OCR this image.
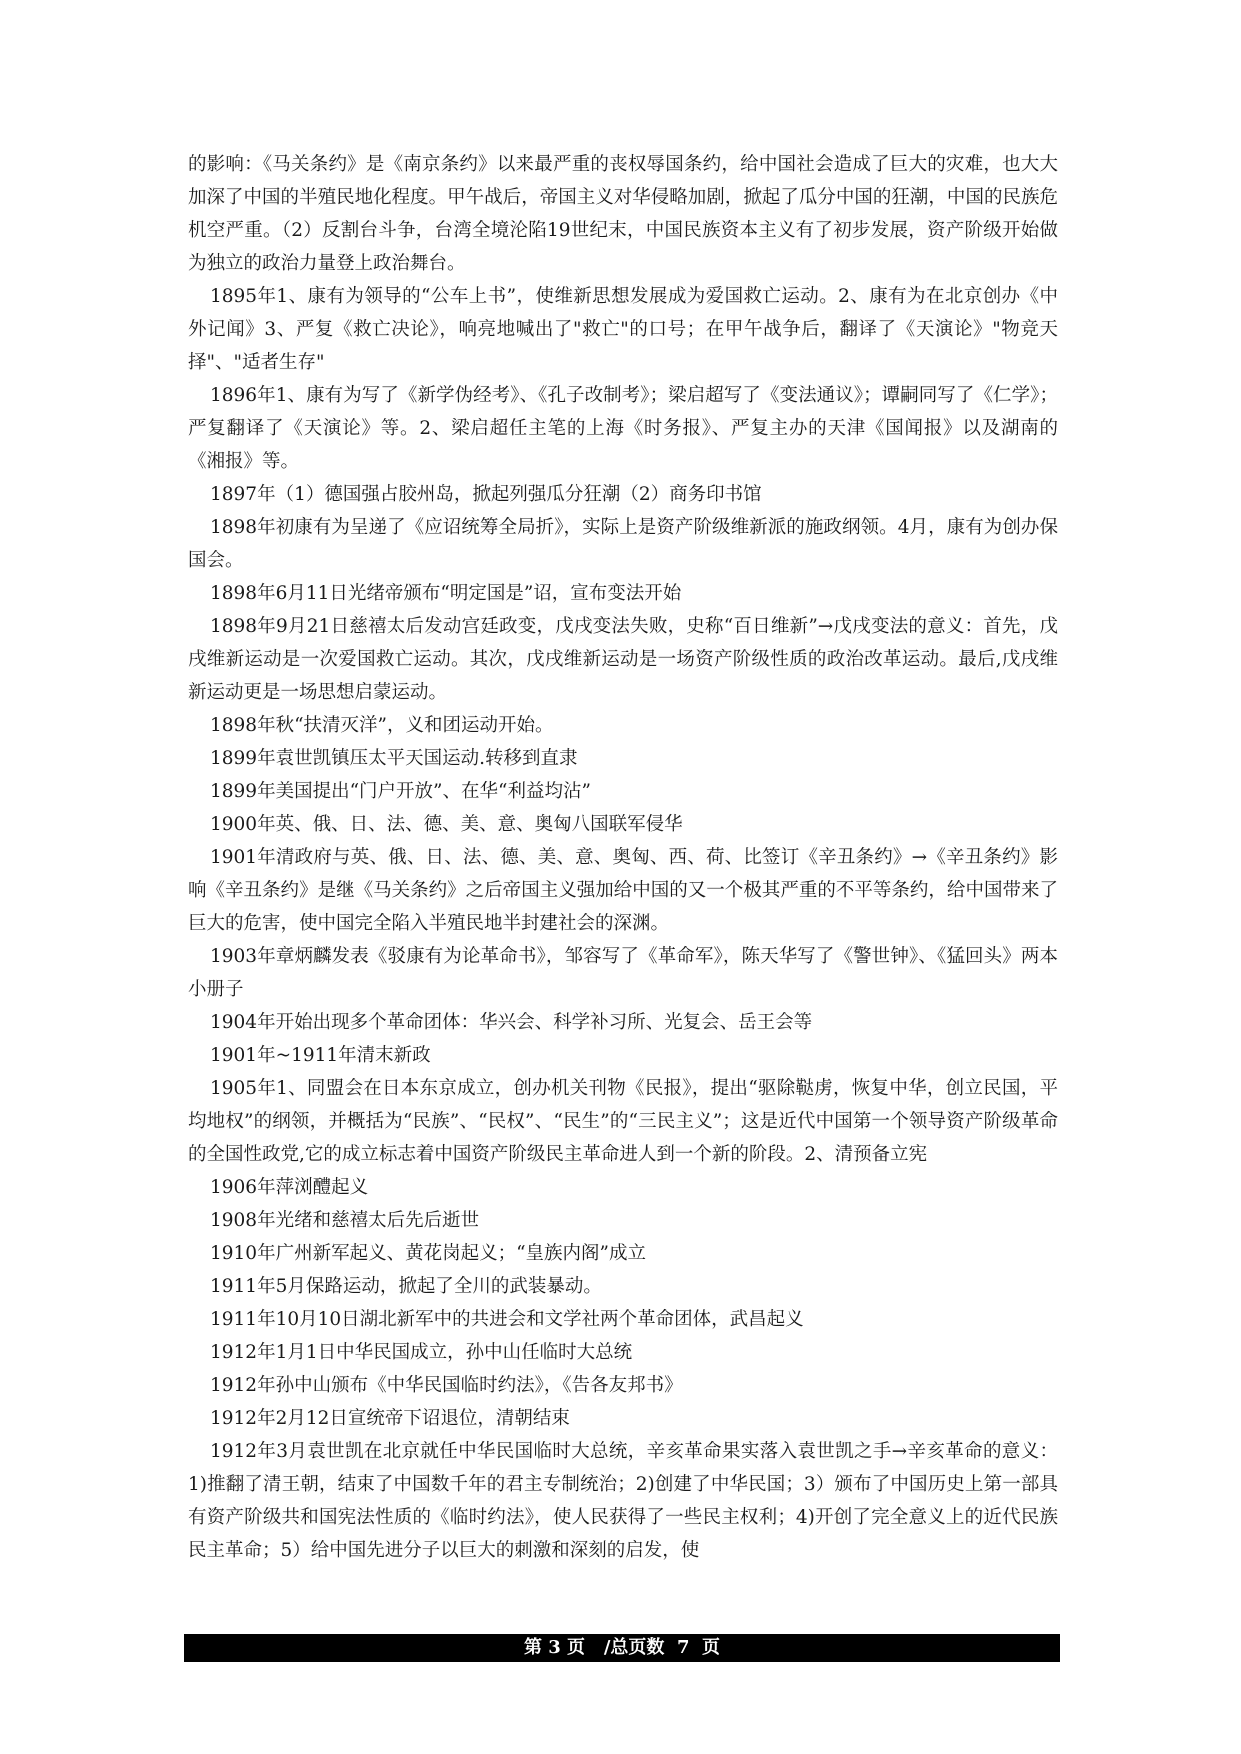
的影响：《马关条约》是《南京条约》以来最严重的丧权辱国条约，给中国社会造成了巨大的灾难，也大大加深了中国的半殖民地化程度。甲午战后，帝国主义对华侵略加剧，掀起了瓜分中国的狂潮，中国的民族危机空严重。（2）反割台斗争，台湾全境沦陷19世纪末，中国民族资本主义有了初步发展，资产阶级开始做为独立的政治力量登上政治舞台。

1895年1、康有为领导的“公车上书”，使维新思想发展成为爱国救亡运动。2、康有为在北京创办《中外记闻》3、严复《救亡决论》，响亮地喊出了"救亡"的口号；在甲午战争后，翻译了《天演论》"物竞天择"、"适者生存"

1896年1、康有为写了《新学伪经考》、《孔子改制考》；梁启超写了《变法通议》；谭嗣同写了《仁学》；严复翻译了《天演论》等。2、梁启超任主笔的上海《时务报》、严复主办的天津《国闻报》以及湖南的《湘报》等。

1897年（1）德国强占胶州岛，掀起列强瓜分狂潮（2）商务印书馆

1898年初康有为呈递了《应诏统筹全局折》，实际上是资产阶级维新派的施政纲领。4月，康有为创办保国会。

1898年6月11日光绪帝颁布“明定国是”诏，宣布变法开始

1898年9月21日慈禧太后发动宫廷政变，戊戌变法失败，史称“百日维新”→戊戌变法的意义：首先，戊戌维新运动是一次爱国救亡运动。其次，戊戌维新运动是一场资产阶级性质的政治改革运动。最后,戊戌维新运动更是一场思想启蒙运动。

1898年秋“扶清灭洋”，义和团运动开始。

1899年袁世凯镇压太平天国运动.转移到直隶

1899年美国提出“门户开放”、在华“利益均沾”

1900年英、俄、日、法、德、美、意、奥匈八国联军侵华

1901年清政府与英、俄、日、法、德、美、意、奥匈、西、荷、比签订《辛丑条约》→《辛丑条约》影响《辛丑条约》是继《马关条约》之后帝国主义强加给中国的又一个极其严重的不平等条约，给中国带来了巨大的危害，使中国完全陷入半殖民地半封建社会的深渊。

1903年章炳麟发表《驳康有为论革命书》，邹容写了《革命军》，陈天华写了《警世钟》、《猛回头》两本小册子

1904年开始出现多个革命团体：华兴会、科学补习所、光复会、岳王会等

1901年~1911年清末新政

1905年1、同盟会在日本东京成立，创办机关刊物《民报》，提出“驱除鞑虏，恢复中华，创立民国，平均地权”的纲领，并概括为“民族”、“民权”、“民生”的“三民主义”；这是近代中国第一个领导资产阶级革命的全国性政党,它的成立标志着中国资产阶级民主革命进人到一个新的阶段。2、清预备立宪

1906年萍浏醴起义

1908年光绪和慈禧太后先后逝世

1910年广州新军起义、黄花岗起义；“皇族内阁”成立

1911年5月保路运动，掀起了全川的武装暴动。

1911年10月10日湖北新军中的共进会和文学社两个革命团体，武昌起义

1912年1月1日中华民国成立，孙中山任临时大总统

1912年孙中山颁布《中华民国临时约法》，《告各友邦书》

1912年2月12日宣统帝下诏退位，清朝结束

1912年3月袁世凯在北京就任中华民国临时大总统，辛亥革命果实落入袁世凯之手→辛亥革命的意义：1)推翻了清王朝，结束了中国数千年的君主专制统治；2)创建了中华民国；3）颁布了中国历史上第一部具有资产阶级共和国宪法性质的《临时约法》，使人民获得了一些民主权利；4)开创了完全意义上的近代民族民主革命；5）给中国先进分子以巨大的刺激和深刻的启发，使

第 3 页   /总页数  7  页
